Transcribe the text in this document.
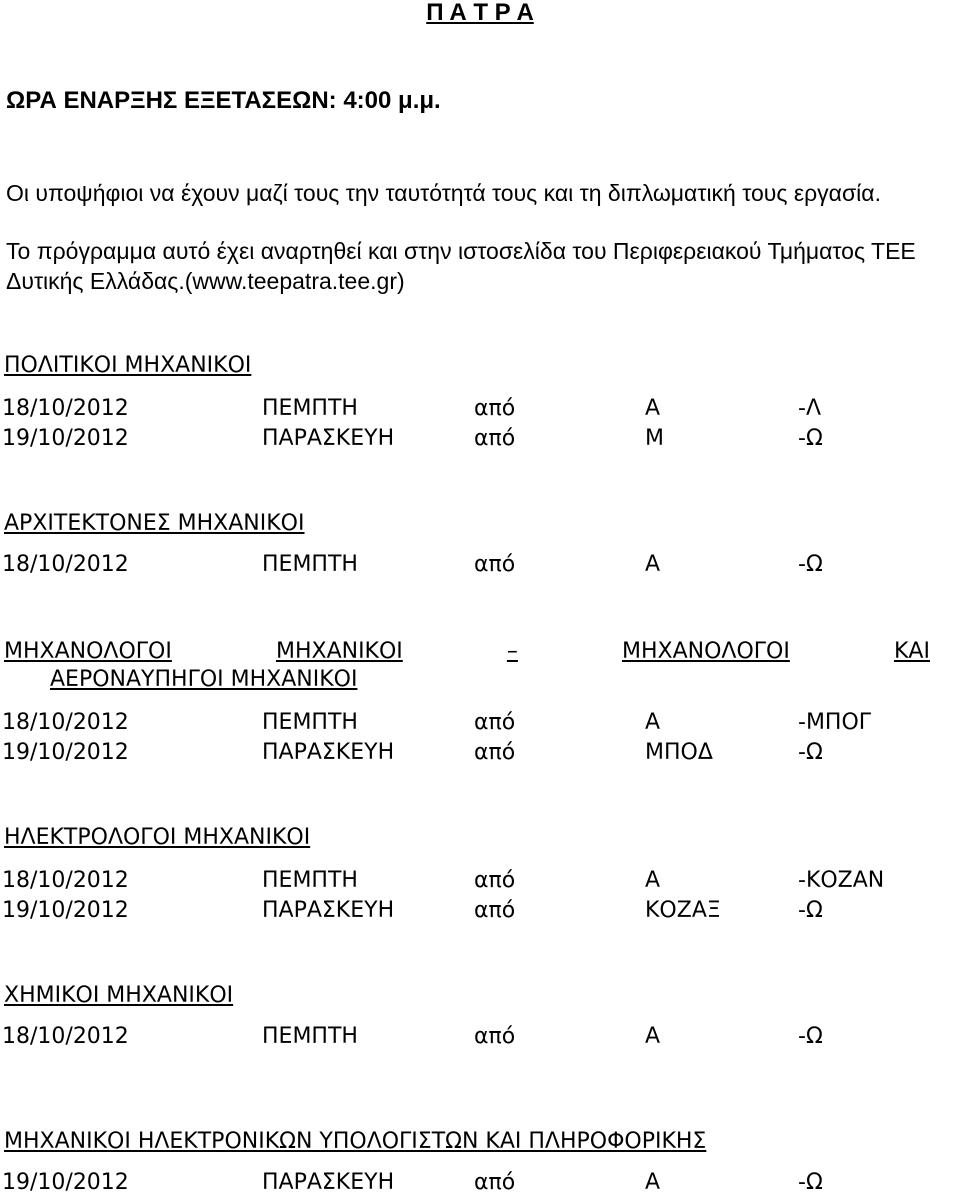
Π Α Τ Ρ Α
ΩΡΑ ΕΝΑΡΞΗΣ ΕΞΕΤΑΣΕΩΝ: 4:00 μ.μ.
Οι υποψήφιοι να έχουν μαζί τους την ταυτότητά τους και τη διπλωματική τους εργασία.
Το πρόγραμμα αυτό έχει αναρτηθεί και στην ιστοσελίδα του Περιφερειακού Τμήματος ΤΕΕ Δυτικής Ελλάδας.(www.teepatra.tee.gr)
ΠΟΛΙΤΙΚΟΙ ΜΗΧΑΝΙΚΟΙ
18/10/2012	ΠΕΜΠΤΗ	από	Α	-Λ
19/10/2012	ΠΑΡΑΣΚΕΥΗ	από	Μ	-Ω
ΑΡΧΙΤΕΚΤΟΝΕΣ ΜΗΧΑΝΙΚΟΙ
18/10/2012	ΠΕΜΠΤΗ	από	Α	-Ω
ΜΗΧΑΝΟΛΟΓΟΙ	ΜΗΧΑΝΙΚΟΙ	–	ΜΗΧΑΝΟΛΟΓΟΙ	ΚΑΙ
ΑΕΡΟΝΑΥΠΗΓΟΙ ΜΗΧΑΝΙΚΟΙ
18/10/2012	ΠΕΜΠΤΗ	από	Α	-ΜΠΟΓ
19/10/2012	ΠΑΡΑΣΚΕΥΗ	από	ΜΠΟΔ	-Ω
ΗΛΕΚΤΡΟΛΟΓΟΙ ΜΗΧΑΝΙΚΟΙ
18/10/2012	ΠΕΜΠΤΗ	από	Α	-ΚΟΖΑΝ
19/10/2012	ΠΑΡΑΣΚΕΥΗ	από	ΚΟΖΑΞ	-Ω
ΧΗΜΙΚΟΙ ΜΗΧΑΝΙΚΟΙ
18/10/2012	ΠΕΜΠΤΗ	από	Α	-Ω
ΜΗΧΑΝΙΚΟΙ ΗΛΕΚΤΡΟΝΙΚΩΝ ΥΠΟΛΟΓΙΣΤΩΝ ΚΑΙ ΠΛΗΡΟΦΟΡΙΚΗΣ
19/10/2012	ΠΑΡΑΣΚΕΥΗ	από	Α	-Ω
